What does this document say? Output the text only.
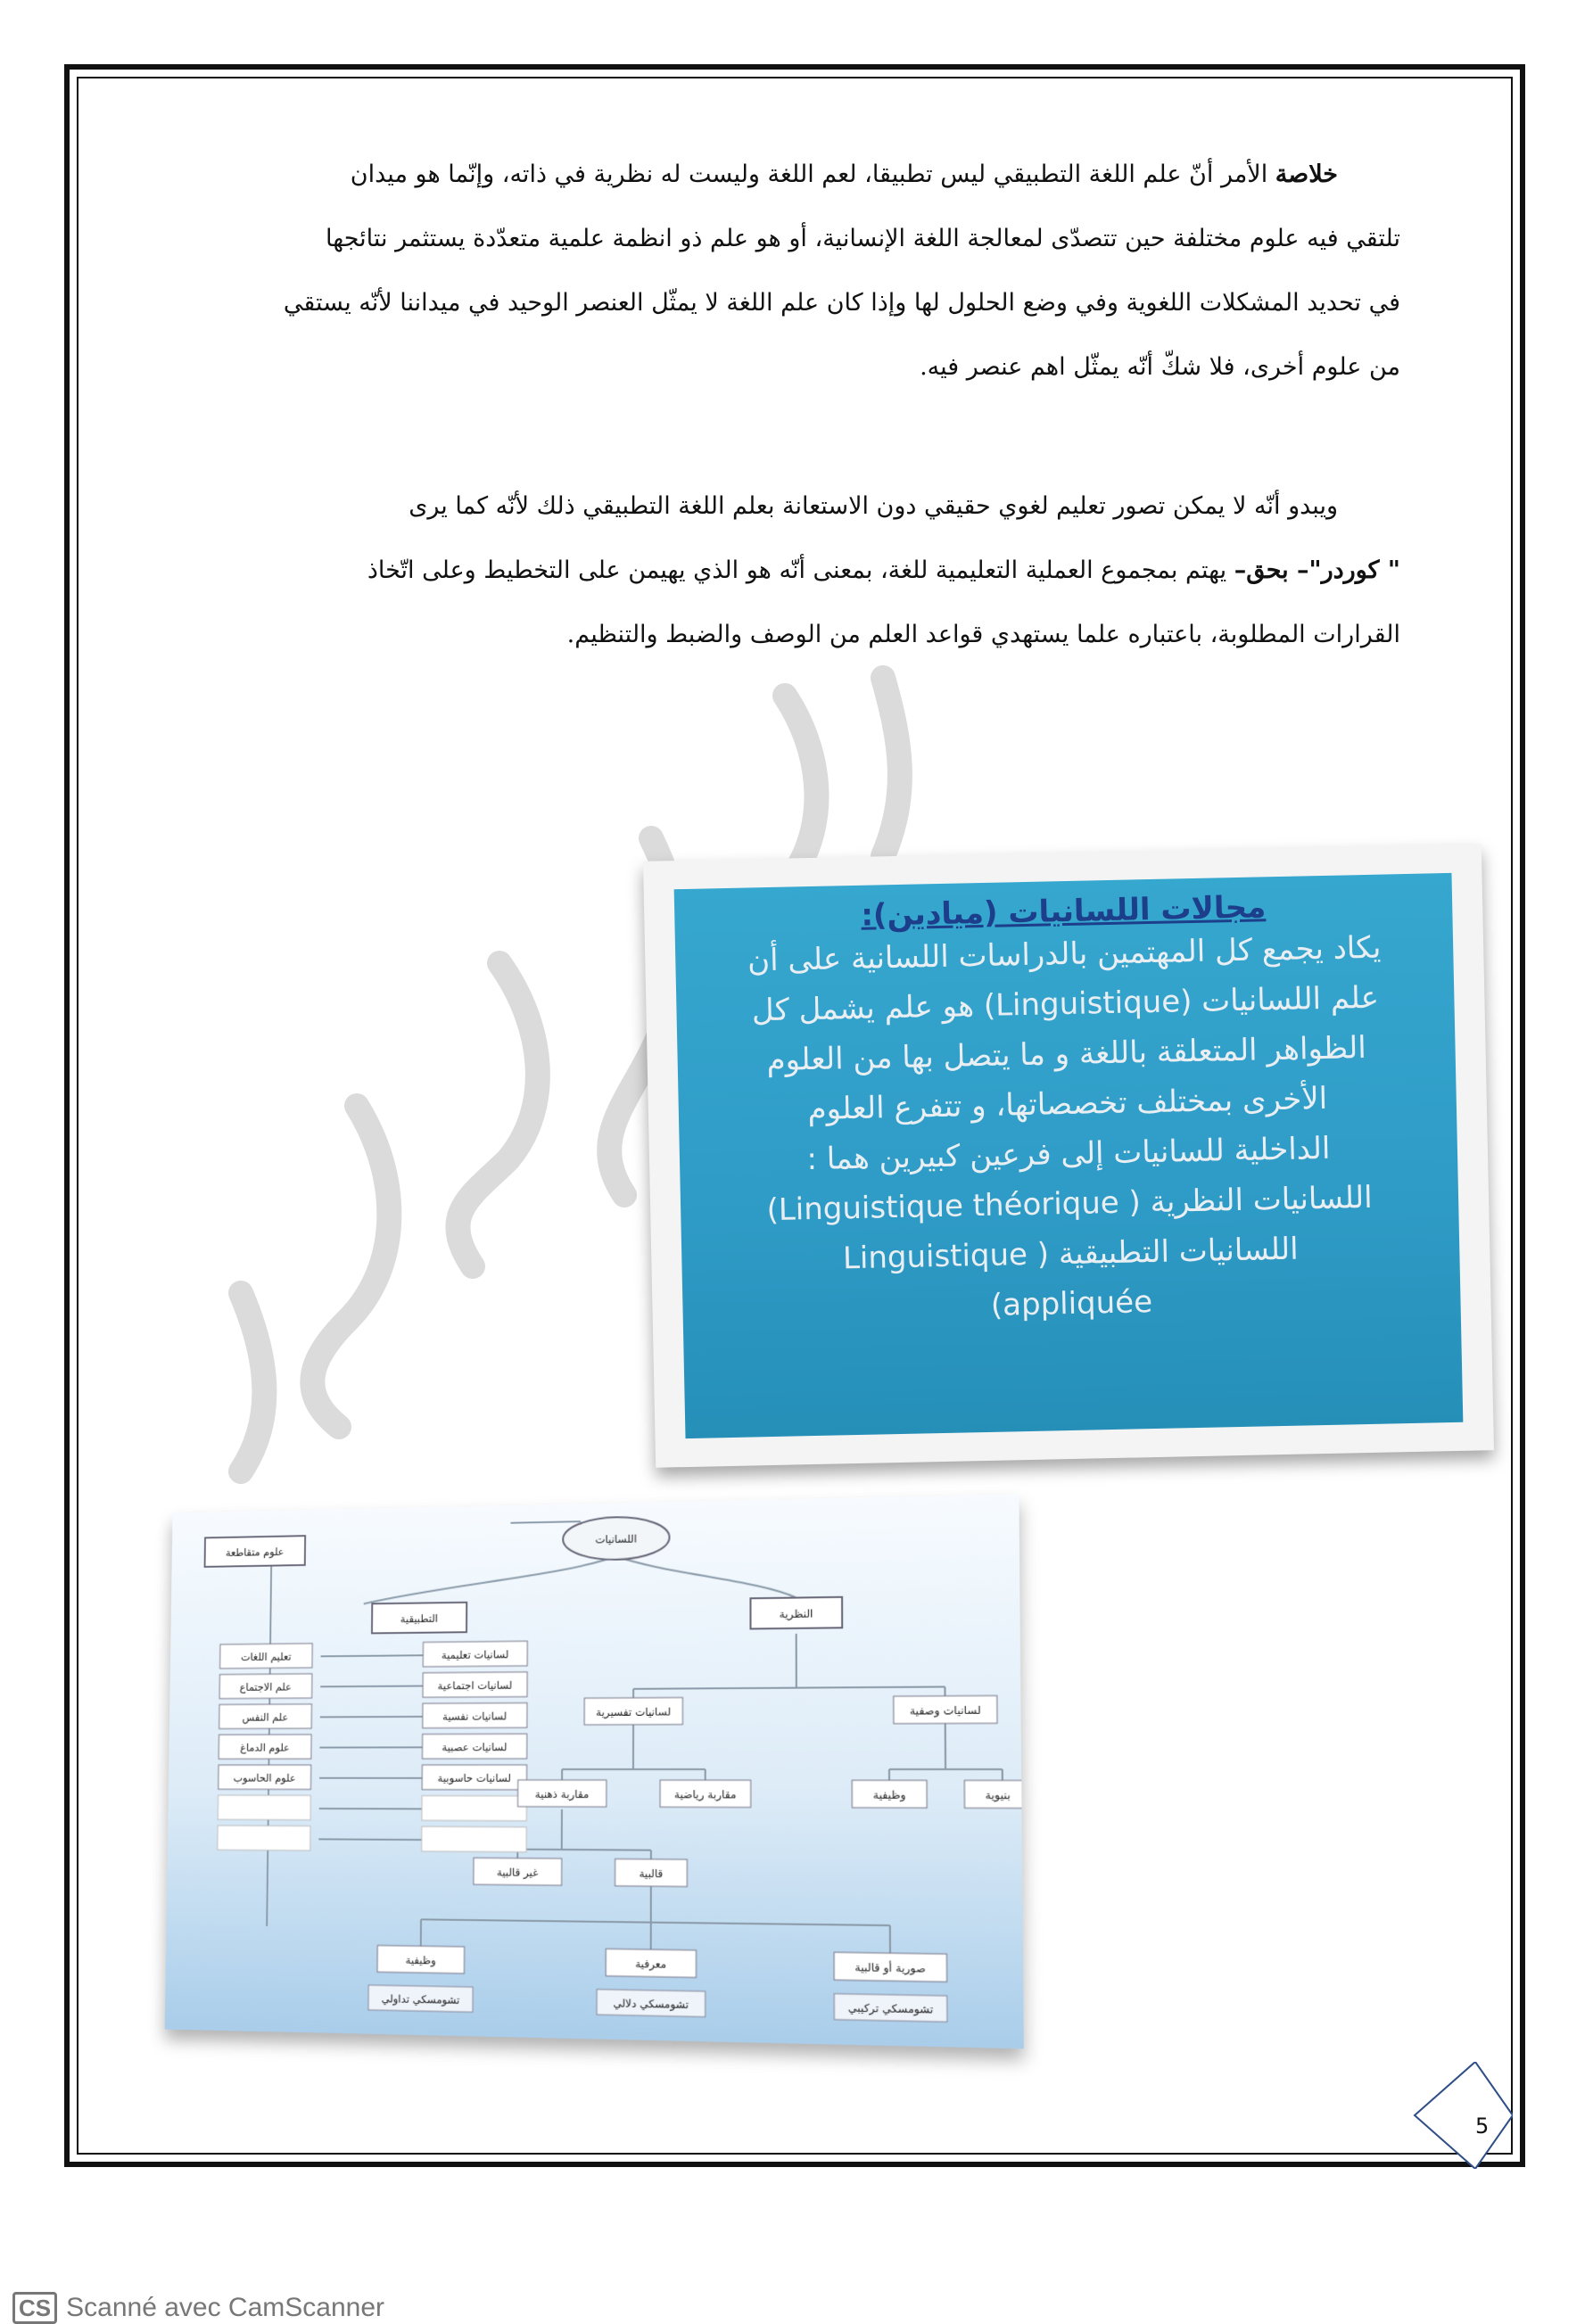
خلاصة الأمر أنّ علم اللغة التطبيقي ليس تطبيقا، لعم اللغة وليست له نظرية في ذاته، وإنّما هو ميدان

تلتقي فيه علوم مختلفة حين تتصدّى لمعالجة اللغة الإنسانية، أو هو علم ذو انظمة علمية متعدّدة يستثمر نتائجها

في تحديد المشكلات اللغوية وفي وضع الحلول لها وإذا كان علم اللغة لا يمثّل العنصر الوحيد في ميداننا لأنّه يستقي

من علوم أخرى، فلا شكّ أنّه يمثّل اهم عنصر فيه.

ويبدو أنّه لا يمكن تصور تعليم لغوي حقيقي دون الاستعانة بعلم اللغة التطبيقي ذلك لأنّه كما يرى

" كوردر"– بحق– يهتم بمجموع العملية التعليمية للغة، بمعنى أنّه هو الذي يهيمن على التخطيط وعلى اتّخاذ

القرارات المطلوبة، باعتباره علما يستهدي قواعد العلم من الوصف والضبط والتنظيم.

مجالات اللسانيات (ميادين):
يكاد يجمع كل المهتمين بالدراسات اللسانية على أن
علم اللسانيات (Linguistique) هو علم يشمل كل
الظواهر المتعلقة باللغة و ما يتصل بها من العلوم
الأخرى بمختلف تخصصاتها، و تتفرع العلوم
الداخلية للسانيات إلى فرعين كبيرين هما :
اللسانيات النظرية ( Linguistique théorique)
اللسانيات التطبيقية ( Linguistique
appliquée)
اللسانيات
علوم متقاطعة
التطبيقية	النظرية
تعليم اللغات
علم الاجتماع
علم النفس
علوم الدماغ
علوم الحاسوب
لسانيات تعليمية
لسانيات اجتماعية
لسانيات نفسية
لسانيات عصبية
لسانيات حاسوبية
لسانيات تفسيرية	لسانيات وصفية
مقاربة ذهنية	مقاربة رياضية	وظيفية	بنيوية
غير قالبية	قالبية
وظيفية	معرفية	صورية أو قالبية
تشومسكي تداولي	تشومسكي دلالي	تشومسكي تركيبي
5
CS Scanné avec CamScanner
